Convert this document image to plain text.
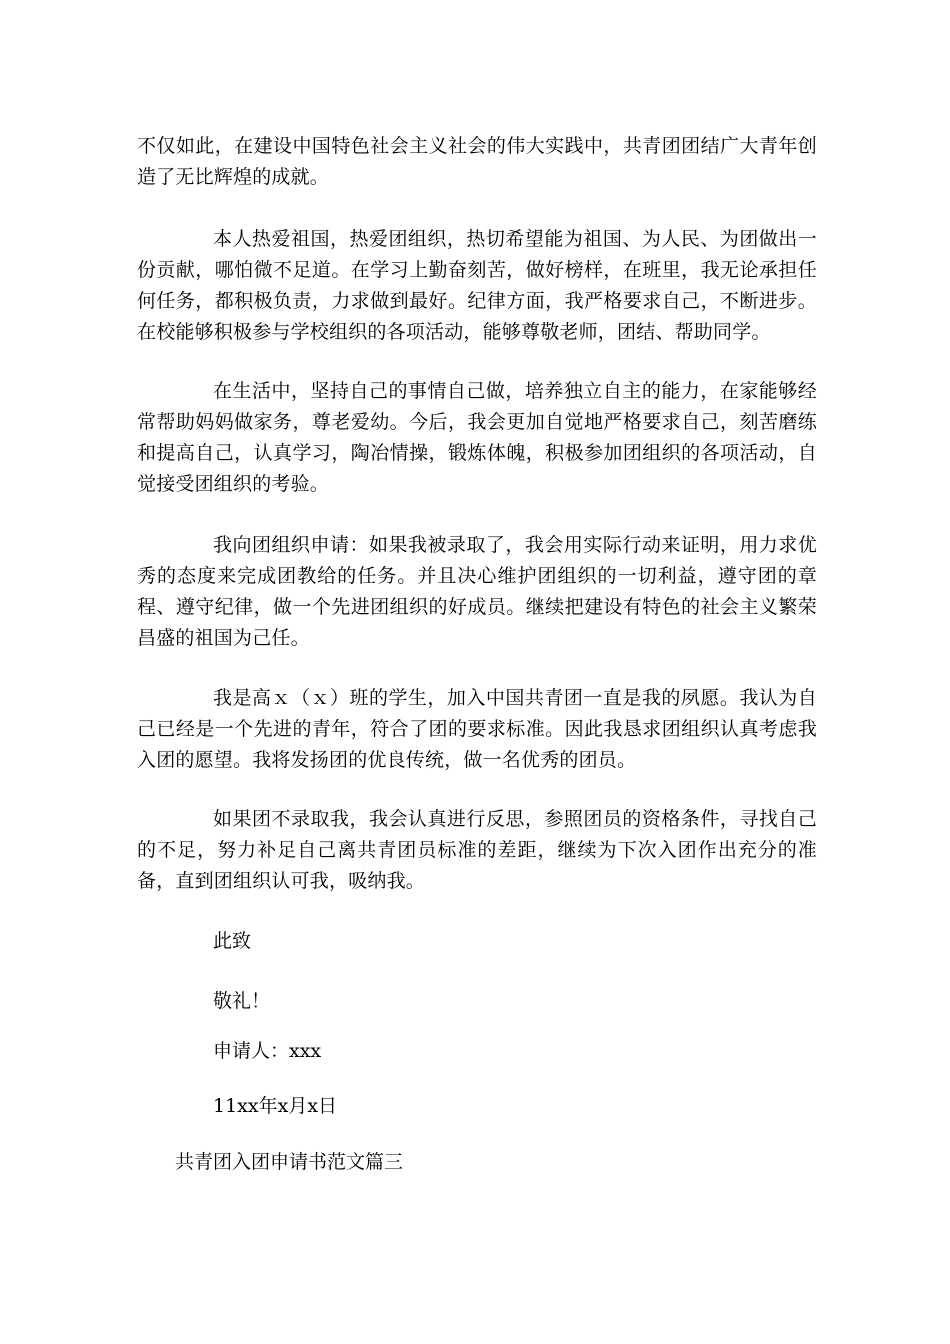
不仅如此，在建设中国特色社会主义社会的伟大实践中，共青团团结广大青年创造了无比辉煌的成就。

本人热爱祖国，热爱团组织，热切希望能为祖国、为人民、为团做出一份贡献，哪怕微不足道。在学习上勤奋刻苦，做好榜样，在班里，我无论承担任何任务，都积极负责，力求做到最好。纪律方面，我严格要求自己，不断进步。在校能够积极参与学校组织的各项活动，能够尊敬老师，团结、帮助同学。

在生活中，坚持自己的事情自己做，培养独立自主的能力，在家能够经常帮助妈妈做家务，尊老爱幼。今后，我会更加自觉地严格要求自己，刻苦磨练和提高自己，认真学习，陶冶情操，锻炼体魄，积极参加团组织的各项活动，自觉接受团组织的考验。

我向团组织申请：如果我被录取了，我会用实际行动来证明，用力求优秀的态度来完成团教给的任务。并且决心维护团组织的一切利益，遵守团的章程、遵守纪律，做一个先进团组织的好成员。继续把建设有特色的社会主义繁荣昌盛的祖国为己任。

我是高ｘ（ｘ）班的学生，加入中国共青团一直是我的夙愿。我认为自己已经是一个先进的青年，符合了团的要求标准。因此我恳求团组织认真考虑我入团的愿望。我将发扬团的优良传统，做一名优秀的团员。

如果团不录取我，我会认真进行反思，参照团员的资格条件，寻找自己的不足，努力补足自己离共青团员标准的差距，继续为下次入团作出充分的准备，直到团组织认可我，吸纳我。

此致

敬礼！

申请人：xxx

11xx年x月x日

共青团入团申请书范文篇三
